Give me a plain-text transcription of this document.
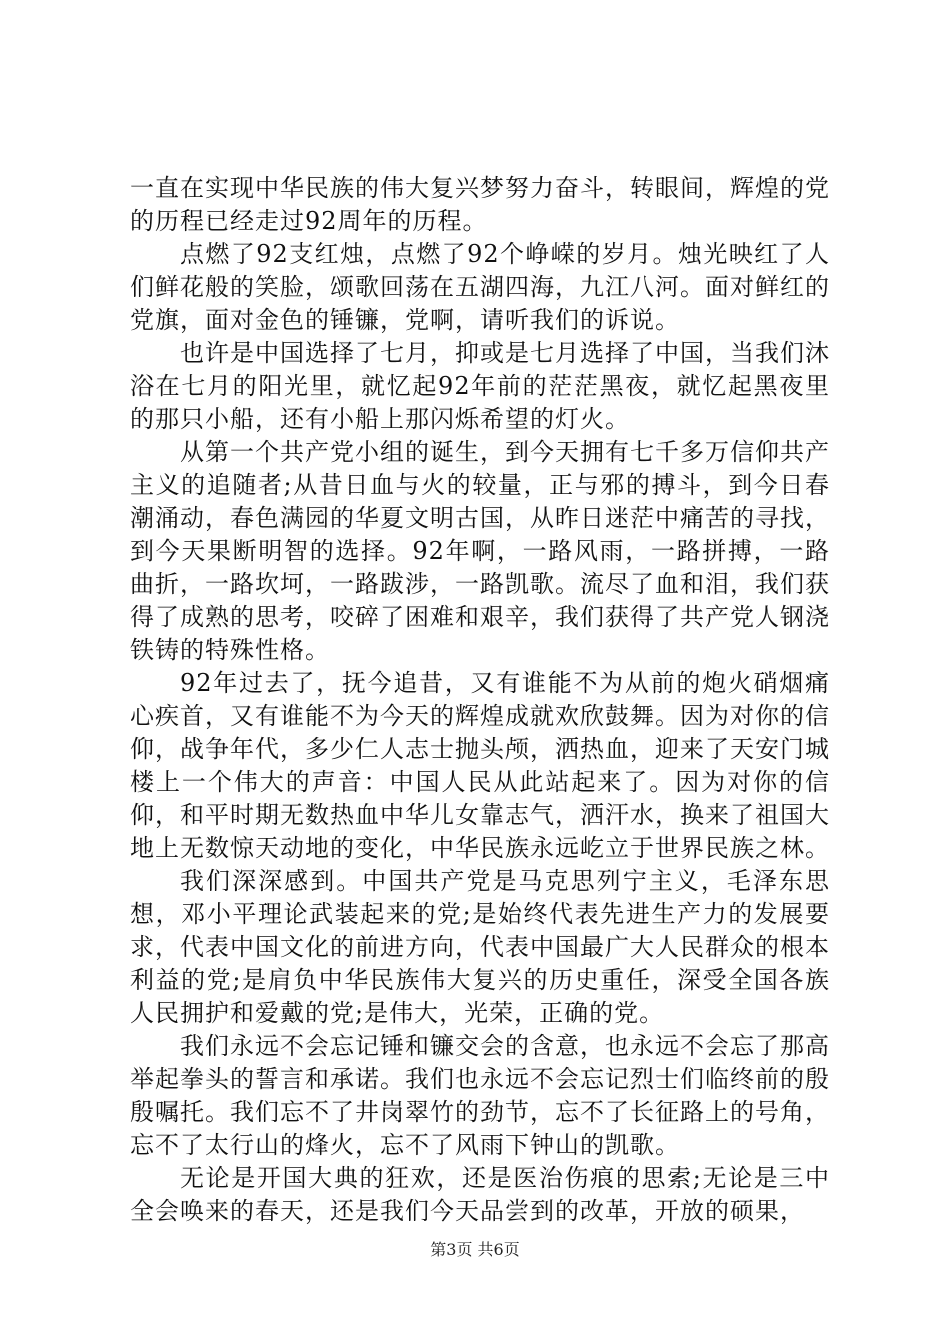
一直在实现中华民族的伟大复兴梦努力奋斗，转眼间，辉煌的党的历程已经走过92周年的历程。

点燃了92支红烛，点燃了92个峥嵘的岁月。烛光映红了人们鲜花般的笑脸，颂歌回荡在五湖四海，九江八河。面对鲜红的党旗，面对金色的锤镰，党啊，请听我们的诉说。

也许是中国选择了七月，抑或是七月选择了中国，当我们沐浴在七月的阳光里，就忆起92年前的茫茫黑夜，就忆起黑夜里的那只小船，还有小船上那闪烁希望的灯火。

从第一个共产党小组的诞生，到今天拥有七千多万信仰共产主义的追随者;从昔日血与火的较量，正与邪的搏斗，到今日春潮涌动，春色满园的华夏文明古国，从昨日迷茫中痛苦的寻找，到今天果断明智的选择。92年啊，一路风雨，一路拼搏，一路曲折，一路坎坷，一路跋涉，一路凯歌。流尽了血和泪，我们获得了成熟的思考，咬碎了困难和艰辛，我们获得了共产党人钢浇铁铸的特殊性格。

92年过去了，抚今追昔，又有谁能不为从前的炮火硝烟痛心疾首，又有谁能不为今天的辉煌成就欢欣鼓舞。因为对你的信仰，战争年代，多少仁人志士抛头颅，洒热血，迎来了天安门城楼上一个伟大的声音：中国人民从此站起来了。因为对你的信仰，和平时期无数热血中华儿女靠志气，洒汗水，换来了祖国大地上无数惊天动地的变化，中华民族永远屹立于世界民族之林。

我们深深感到。中国共产党是马克思列宁主义，毛泽东思想，邓小平理论武装起来的党;是始终代表先进生产力的发展要求，代表中国文化的前进方向，代表中国最广大人民群众的根本利益的党;是肩负中华民族伟大复兴的历史重任，深受全国各族人民拥护和爱戴的党;是伟大，光荣，正确的党。

我们永远不会忘记锤和镰交会的含意，也永远不会忘了那高举起拳头的誓言和承诺。我们也永远不会忘记烈士们临终前的殷殷嘱托。我们忘不了井岗翠竹的劲节，忘不了长征路上的号角，忘不了太行山的烽火，忘不了风雨下钟山的凯歌。

无论是开国大典的狂欢，还是医治伤痕的思索;无论是三中全会唤来的春天，还是我们今天品尝到的改革，开放的硕果，

第3页 共6页
